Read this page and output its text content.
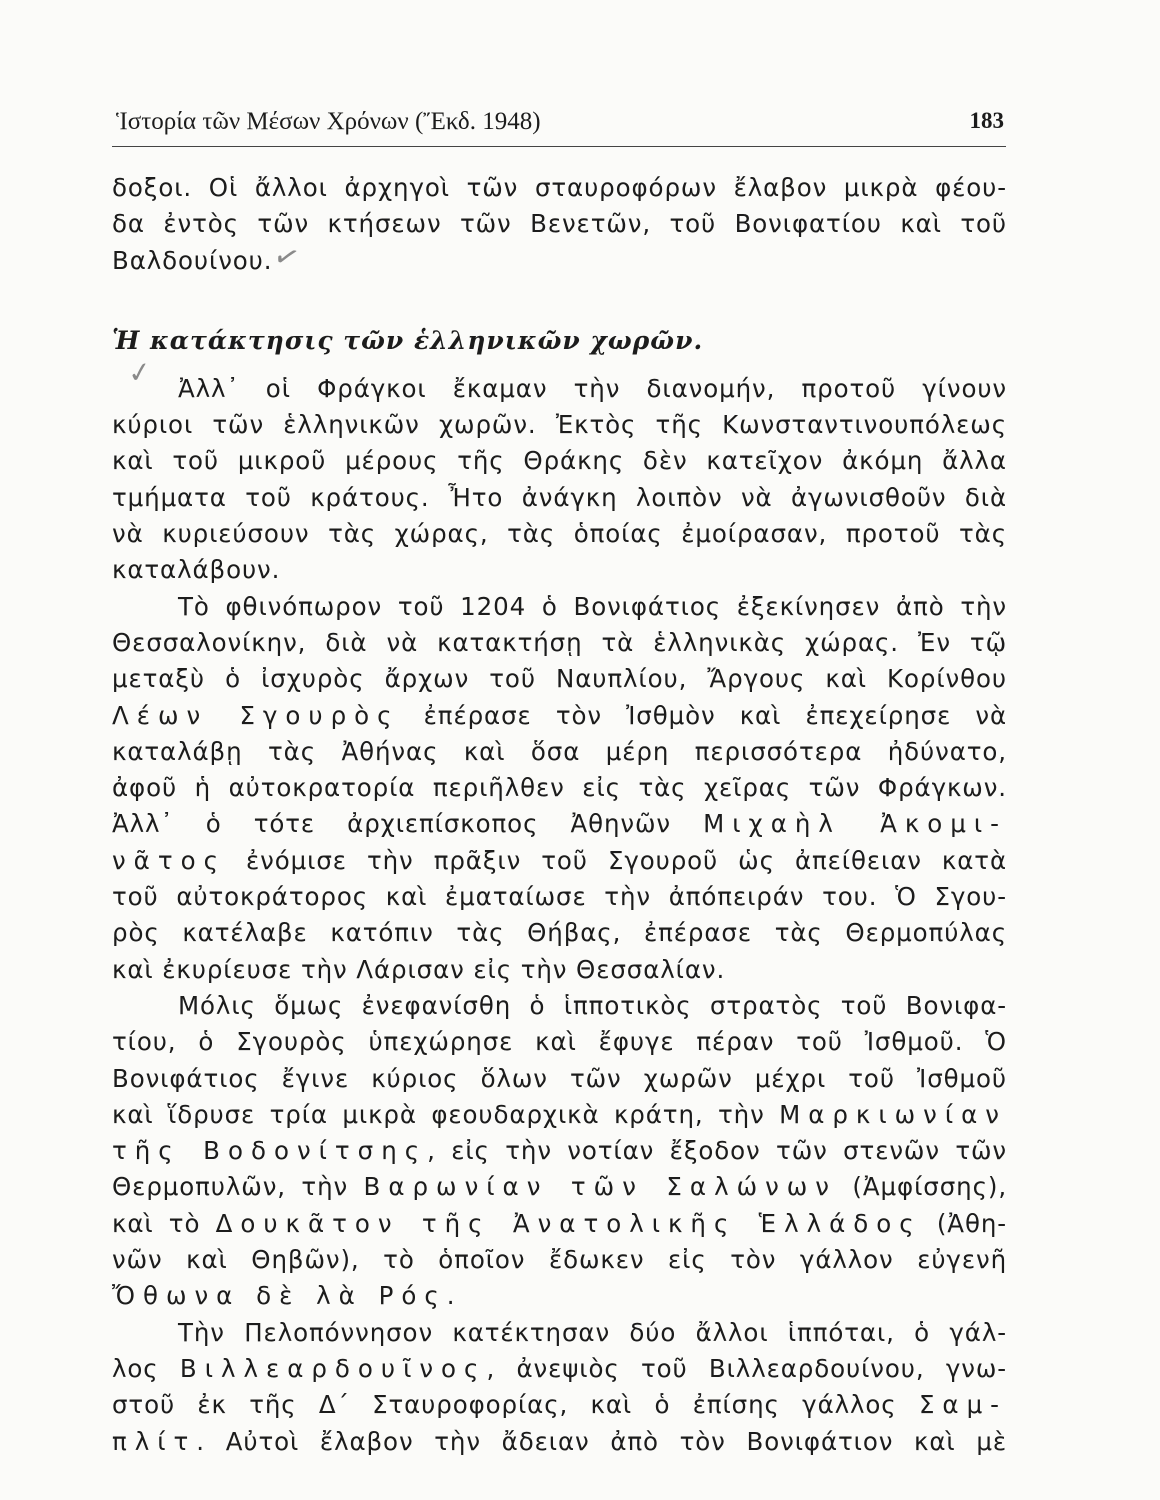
Ἱστορία τῶν Μέσων Χρόνων (Ἔκδ. 1948)	183
δοξοι. Οἱ ἄλλοι ἀρχηγοὶ τῶν σταυροφόρων ἔλαβον μικρὰ φέου-
δα ἐντὸς τῶν κτήσεων τῶν Βενετῶν, τοῦ Βονιφατίου καὶ τοῦ
Βαλδουίνου.
Ἡ κατάκτησις τῶν ἑλληνικῶν χωρῶν.
Ἀλλ᾽ οἱ Φράγκοι ἔκαμαν τὴν διανομήν, προτοῦ γίνουν
κύριοι τῶν ἑλληνικῶν χωρῶν. Ἐκτὸς τῆς Κωνσταντινουπόλεως
καὶ τοῦ μικροῦ μέρους τῆς Θράκης δὲν κατεῖχον ἀκόμη ἄλλα
τμήματα τοῦ κράτους. Ἦτο ἀνάγκη λοιπὸν νὰ ἀγωνισθοῦν διὰ
νὰ κυριεύσουν τὰς χώρας, τὰς ὁποίας ἐμοίρασαν, προτοῦ τὰς
καταλάβουν.
Τὸ φθινόπωρον τοῦ 1204 ὁ Βονιφάτιος ἐξεκίνησεν ἀπὸ τὴν
Θεσσαλονίκην, διὰ νὰ κατακτήσῃ τὰ ἑλληνικὰς χώρας. Ἐν τῷ
μεταξὺ ὁ ἰσχυρὸς ἄρχων τοῦ Ναυπλίου, Ἄργους καὶ Κορίνθου
Λέων Σγουρὸς ἐπέρασε τὸν Ἰσθμὸν καὶ ἐπεχείρησε νὰ
καταλάβῃ τὰς Ἀθήνας καὶ ὅσα μέρη περισσότερα ἠδύνατο,
ἀφοῦ ἡ αὐτοκρατορία περιῆλθεν εἰς τὰς χεῖρας τῶν Φράγκων.
Ἀλλ᾽ ὁ τότε ἀρχιεπίσκοπος Ἀθηνῶν Μιχαὴλ Ἀκομι-
νᾶτος ἐνόμισε τὴν πρᾶξιν τοῦ Σγουροῦ ὡς ἀπείθειαν κατὰ
τοῦ αὐτοκράτορος καὶ ἐματαίωσε τὴν ἀπόπειράν του. Ὁ Σγου-
ρὸς κατέλαβε κατόπιν τὰς Θήβας, ἐπέρασε τὰς Θερμοπύλας
καὶ ἐκυρίευσε τὴν Λάρισαν εἰς τὴν Θεσσαλίαν.
Μόλις ὅμως ἐνεφανίσθη ὁ ἱπποτικὸς στρατὸς τοῦ Βονιφα-
τίου, ὁ Σγουρὸς ὑπεχώρησε καὶ ἔφυγε πέραν τοῦ Ἰσθμοῦ. Ὁ
Βονιφάτιος ἔγινε κύριος ὅλων τῶν χωρῶν μέχρι τοῦ Ἰσθμοῦ
καὶ ἵδρυσε τρία μικρὰ φεουδαρχικὰ κράτη, τὴν Μαρκιωνίαν
τῆς Βοδονίτσης, εἰς τὴν νοτίαν ἔξοδον τῶν στενῶν τῶν
Θερμοπυλῶν, τὴν Βαρωνίαν τῶν Σαλώνων (Ἀμφίσσης),
καὶ τὸ Δουκᾶτον τῆς Ἀνατολικῆς Ἑλλάδος (Ἀθη-
νῶν καὶ Θηβῶν), τὸ ὁποῖον ἔδωκεν εἰς τὸν γάλλον εὐγενῆ
Ὄθωνα δὲ λὰ Ρός.
Τὴν Πελοπόννησον κατέκτησαν δύο ἄλλοι ἱππόται, ὁ γάλ-
λος Βιλλεαρδουῖνος, ἀνεψιὸς τοῦ Βιλλεαρδουίνου, γνω-
στοῦ ἐκ τῆς Δ΄ Σταυροφορίας, καὶ ὁ ἐπίσης γάλλος Σαμ-
πλίτ. Αὐτοὶ ἔλαβον τὴν ἄδειαν ἀπὸ τὸν Βονιφάτιον καὶ μὲ
✓
✓
